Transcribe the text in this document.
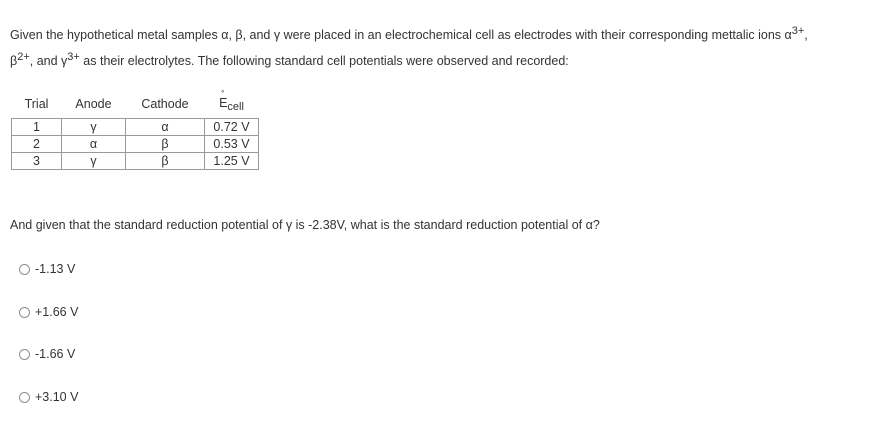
Given the hypothetical metal samples α, β, and γ were placed in an electrochemical cell as electrodes with their corresponding mettalic ions $\alpha^{3+}$,
$\beta^{2+}$, and $\gamma^{3+}$ as their electrolytes. The following standard cell potentials were observed and recorded:
Trial	Anode	Cathode	E
°
cell
1	γ	α	0.72 V
2	α	β	0.53 V
3	γ	β	1.25 V
And given that the standard reduction potential of γ is -2.38V, what is the standard reduction potential of α?
-1.13 V
+1.66 V
-1.66 V
+3.10 V
